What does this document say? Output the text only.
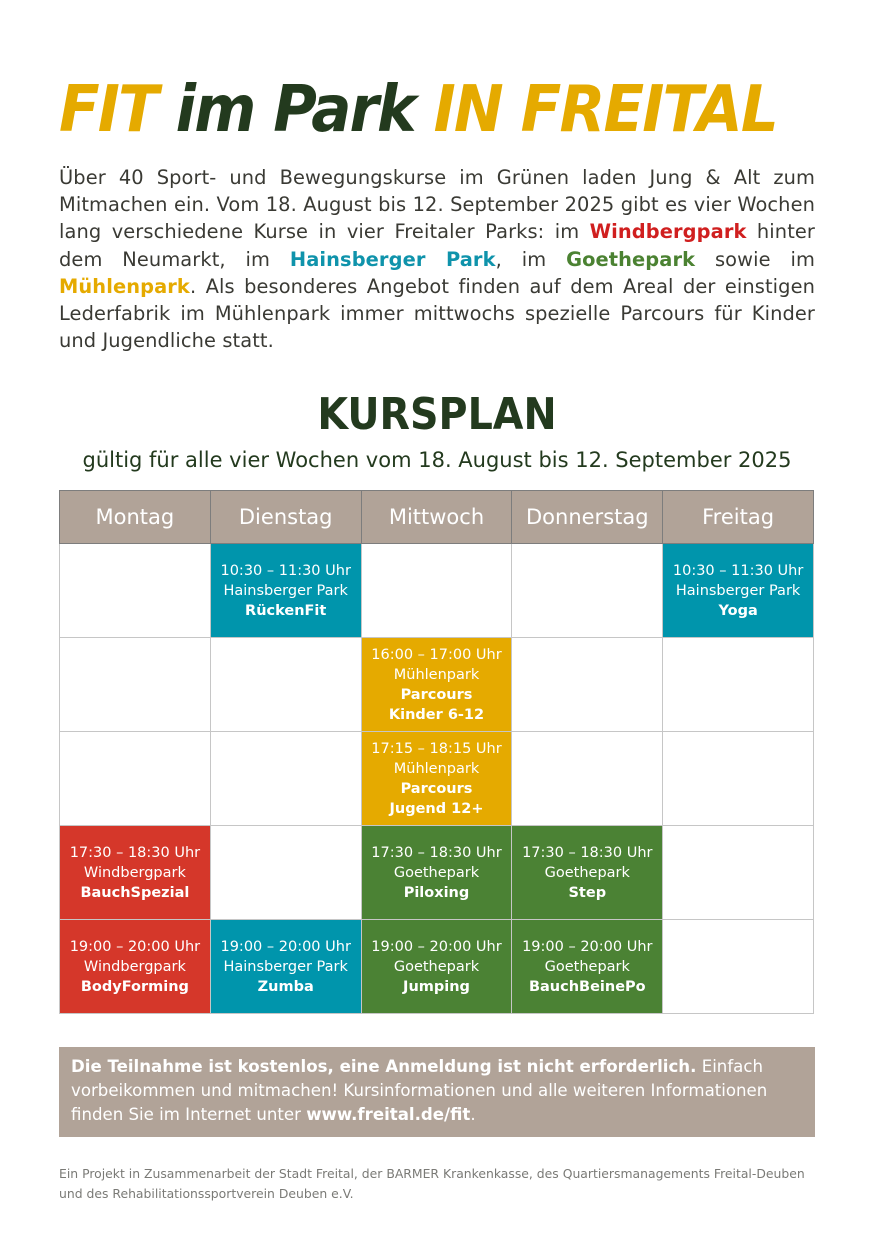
FIT im Park IN FREITAL

Über 40 Sport- und Bewegungskurse im Grünen laden Jung & Alt zum Mitmachen ein. Vom 18. August bis 12. September 2025 gibt es vier Wochen lang verschiedene Kurse in vier Freitaler Parks: im Windbergpark hinter dem Neumarkt, im Hainsberger Park, im Goethepark sowie im Mühlenpark. Als besonderes Angebot finden auf dem Areal der einstigen Lederfabrik im Mühlenpark immer mittwochs spezielle Parcours für Kinder und Jugendliche statt.

KURSPLAN
gültig für alle vier Wochen vom 18. August bis 12. September 2025
Montag	Dienstag	Mittwoch	Donnerstag	Freitag

	10:30 – 11:30 Uhr
Hainsberger Park
RückenFit			10:30 – 11:30 Uhr
Hainsberger Park
Yoga

		16:00 – 17:00 Uhr
Mühlenpark
Parcours
Kinder 6-12		

		17:15 – 18:15 Uhr
Mühlenpark
Parcours
Jugend 12+		

17:30 – 18:30 Uhr
Windbergpark
BauchSpezial		17:30 – 18:30 Uhr
Goethepark
Piloxing	17:30 – 18:30 Uhr
Goethepark
Step	

19:00 – 20:00 Uhr
Windbergpark
BodyForming	19:00 – 20:00 Uhr
Hainsberger Park
Zumba	19:00 – 20:00 Uhr
Goethepark
Jumping	19:00 – 20:00 Uhr
Goethepark
BauchBeinePo	

Die Teilnahme ist kostenlos, eine Anmeldung ist nicht erforderlich. Einfach vorbeikommen und mitmachen! Kursinformationen und alle weiteren Informationen finden Sie im Internet unter www.freital.de/fit.
Ein Projekt in Zusammenarbeit der Stadt Freital, der BARMER Krankenkasse, des Quartiersmanagements Freital-Deuben und des Rehabilitationssportverein Deuben e.V.
